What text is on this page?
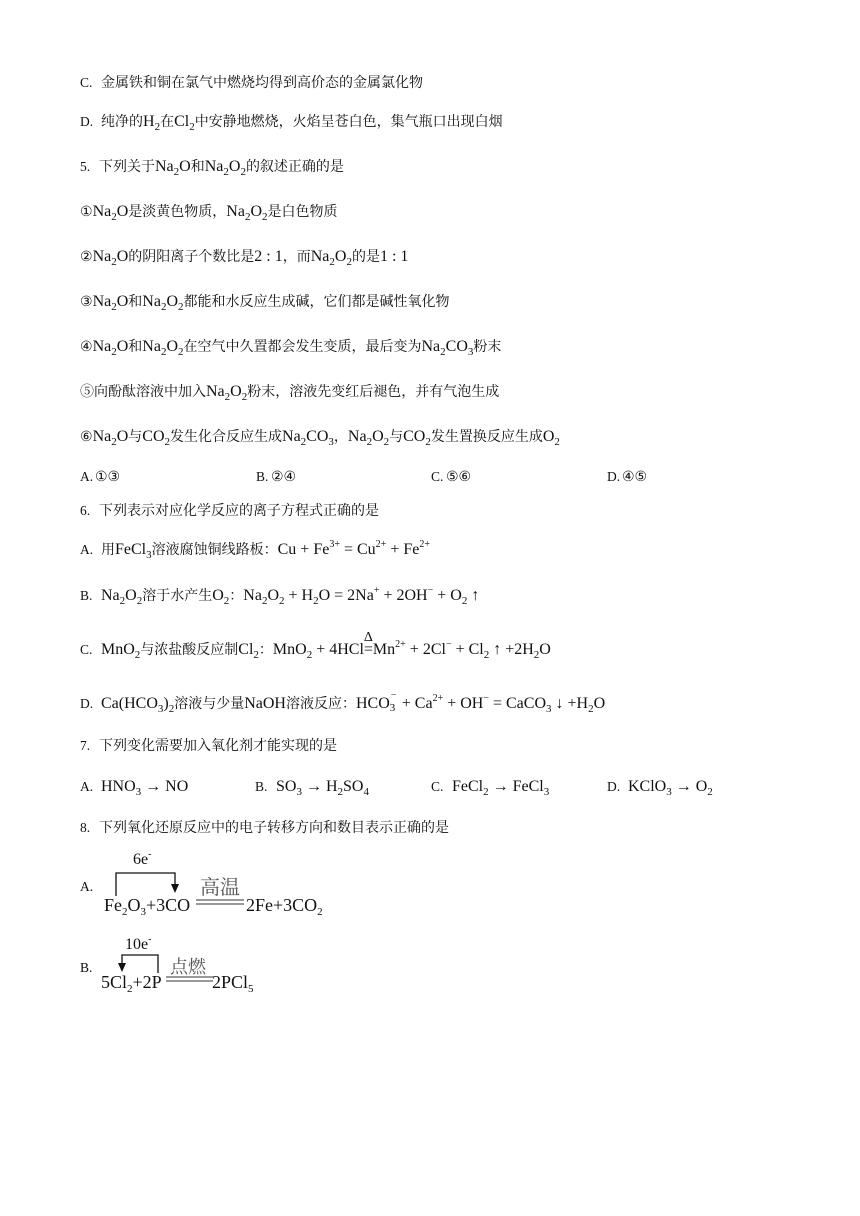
C. 金属铁和铜在氯气中燃烧均得到高价态的金属氯化物
D. 纯净的$H_2$在$Cl_2$中安静地燃烧，火焰呈苍白色，集气瓶口出现白烟
5. 下列关于$Na_2O$和$Na_2O_2$的叙述正确的是
$①Na_2O$是淡黄色物质，$Na_2O_2$是白色物质
$②Na_2O$的阴阳离子个数比是2 : 1，而$Na_2O_2$的是1 : 1
$③Na_2O$和$Na_2O_2$都能和水反应生成碱，它们都是碱性氧化物
$④Na_2O$和$Na_2O_2$在空气中久置都会发生变质，最后变为$Na_2CO_3$粉末
⑤向酚酞溶液中加入$Na_2O_2$粉末，溶液先变红后褪色，并有气泡生成
$⑥Na_2O$与$CO_2$发生化合反应生成$Na_2CO_3$，$Na_2O_2$与$CO_2$发生置换反应生成$O_2$
A. ①③	B. ②④	C. ⑤⑥	D. ④⑤
6. 下列表示对应化学反应的离子方程式正确的是
A. 用FeCl$_3$溶液腐蚀铜线路板：$Cu + Fe^{3+} = Cu^{2+} + Fe^{2+}$
B. $Na_2O_2$溶于水产生$O_2$：$Na_2O_2 + H_2O = 2Na^+ + 2OH^- + O_2$ ↑
C. MnO$_2$与浓盐酸反应制$Cl_2$：MnO$_2$ + 4HCl=
Δ
$Mn^{2+} + 2Cl^- + Cl_2$ ↑ $+2H_2O$
D. $Ca(HCO_3)_2$溶液与少量NaOH溶液反应：HCO −
$3 + Ca^{2+} + OH^-$ = CaCO$_3$ ↓ $+H_2O$
7. 下列变化需要加入氧化剂才能实现的是
A. $HNO_3$ → NO	B. $SO_3 \to H_2SO_4$	C. FeCl$_2$ → FeCl$_3$	D. KClO$_3$ → $O_2$
8. 下列氧化还原反应中的电子转移方向和数目表示正确的是
A.
6e-
$Fe_2O_3+3CO$
高温
$2Fe+3CO_2$
B.
10e-
$5Cl_2+2P$
点燃
2PCl$_5$
